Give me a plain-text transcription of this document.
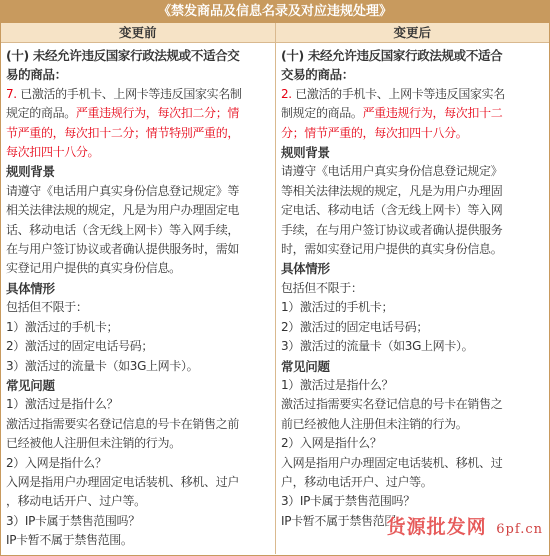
《禁发商品及信息名录及对应违规处理》
变更前	变更后
(十) 未经允许违反国家行政法规或不适合交
易的商品：
7. 已激活的手机卡、上网卡等违反国家实名制
规定的商品。严重违规行为，每次扣二分；情
节严重的，每次扣十二分；情节特别严重的，
每次扣四十八分。
规则背景
请遵守《电话用户真实身份信息登记规定》等
相关法律法规的规定，凡是为用户办理固定电
话、移动电话（含无线上网卡）等入网手续，
在与用户签订协议或者确认提供服务时，需如
实登记用户提供的真实身份信息。
具体情形
包括但不限于：
1）激活过的手机卡；
2）激活过的固定电话号码；
3）激活过的流量卡（如3G上网卡）。
常见问题
1）激活过是指什么？
激活过指需要实名登记信息的号卡在销售之前
已经被他人注册但未注销的行为。
2）入网是指什么？
入网是指用户办理固定电话装机、移机、过户
，移动电话开户、过户等。
3）IP卡属于禁售范围吗？
IP卡暂不属于禁售范围。
(十) 未经允许违反国家行政法规或不适合
交易的商品：
2. 已激活的手机卡、上网卡等违反国家实名
制规定的商品。严重违规行为，每次扣十二
分；情节严重的，每次扣四十八分。
规则背景
请遵守《电话用户真实身份信息登记规定》
等相关法律法规的规定，凡是为用户办理固
定电话、移动电话（含无线上网卡）等入网
手续，在与用户签订协议或者确认提供服务
时，需如实登记用户提供的真实身份信息。
具体情形
包括但不限于：
1）激活过的手机卡；
2）激活过的固定电话号码；
3）激活过的流量卡（如3G上网卡）。
常见问题
1）激活过是指什么？
激活过指需要实名登记信息的号卡在销售之
前已经被他人注册但未注销的行为。
2）入网是指什么？
入网是指用户办理固定电话装机、移机、过
户，移动电话开户、过户等。
3）IP卡属于禁售范围吗？
IP卡暂不属于禁售范围。
货源批发网 6pf.cn
